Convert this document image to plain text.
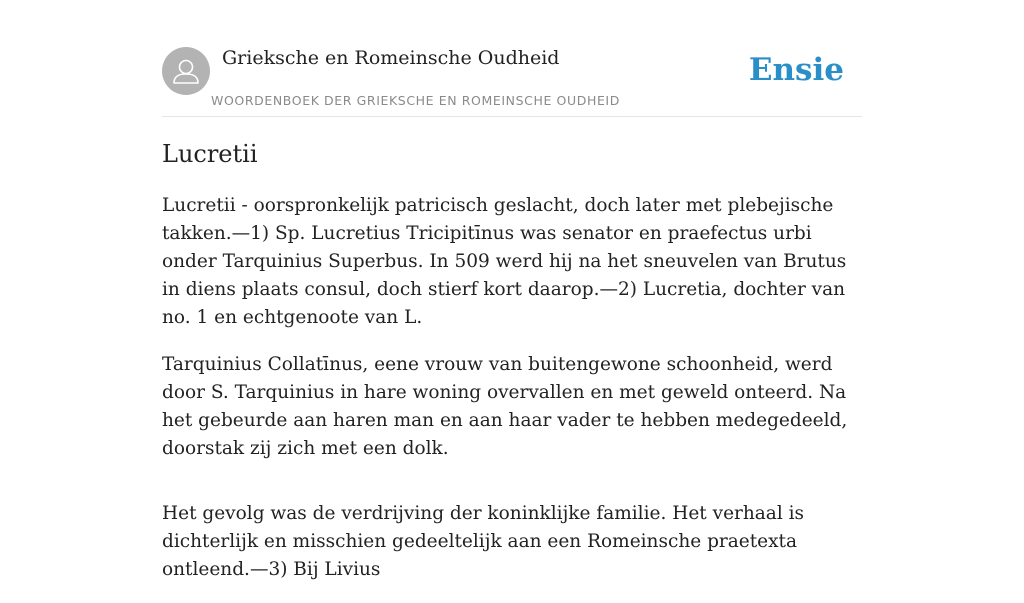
Grieksche en Romeinsche Oudheid
WOORDENBOEK DER GRIEKSCHE EN ROMEINSCHE OUDHEID
Ensie
Lucretii

Lucretii - oorspronkelijk patricisch geslacht, doch later met plebejische takken.—1) Sp. Lucretius Tricipitīnus was senator en praefectus urbi onder Tarquinius Superbus. In 509 werd hij na het sneuvelen van Brutus in diens plaats consul, doch stierf kort daarop.—2) Lucretia, dochter van no. 1 en echtgenoote van L.

Tarquinius Collatīnus, eene vrouw van buitengewone schoonheid, werd door S. Tarquinius in hare woning overvallen en met geweld onteerd. Na het gebeurde aan haren man en aan haar vader te hebben medegedeeld, doorstak zij zich met een dolk.

Het gevolg was de verdrijving der koninklijke familie. Het verhaal is dichterlijk en misschien gedeeltelijk aan een Romeinsche praetexta ontleend.—3) Bij Livius
